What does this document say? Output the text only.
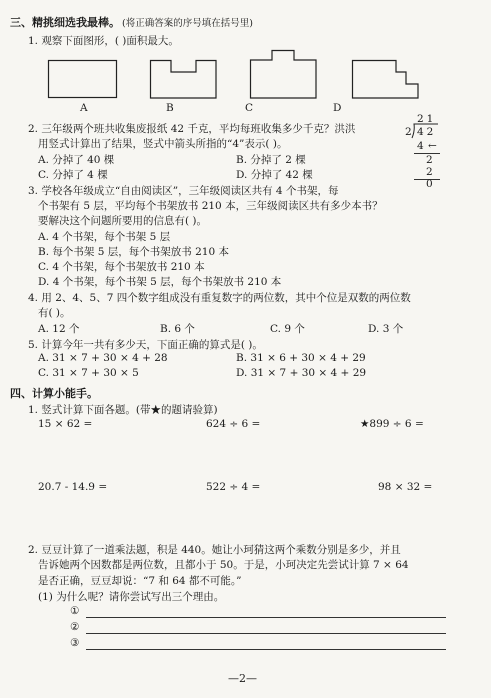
三、精挑细选我最棒。 (将正确答案的序号填在括号里)
1. 观察下面图形，( )面积最大。
A	B	C	D
2. 三年级两个班共收集废报纸 42 千克，平均每班收集多少千克？洪洪
用竖式计算出了结果，竖式中箭头所指的“4”表示( )。
A. 分掉了 40 棵	B. 分掉了 2 棵
C. 分掉了 4 棵	D. 分掉了 42 棵
21
2 42
4 ←
2
2
0
3. 学校各年级成立“自由阅读区”，三年级阅读区共有 4 个书架，每
个书架有 5 层，平均每个书架放书 210 本，三年级阅读区共有多少本书？
要解决这个问题所要用的信息有( )。
A. 4 个书架，每个书架 5 层
B. 每个书架 5 层，每个书架放书 210 本
C. 4 个书架，每个书架放书 210 本
D. 4 个书架，每个书架 5 层，每个书架放书 210 本
4. 用 2、4、5、7 四个数字组成没有重复数字的两位数，其中个位是双数的两位数
有( )。
A. 12 个	B. 6 个	C. 9 个	D. 3 个
5. 计算今年一共有多少天，下面正确的算式是( )。
A. 31 × 7 + 30 × 4 + 28	B. 31 × 6 + 30 × 4 + 29
C. 31 × 7 + 30 × 5	D. 31 × 7 + 30 × 4 + 29
四、计算小能手。
1. 竖式计算下面各题。(带★的题请验算)
15 × 62 =	624 ÷ 6 =	★899 ÷ 6 =
20.7 - 14.9 =	522 ÷ 4 =	98 × 32 =
2. 豆豆计算了一道乘法题，积是 440。她让小珂猜这两个乘数分别是多少，并且
告诉她两个因数都是两位数，且都小于 50。于是，小珂决定先尝试计算 7 × 64
是否正确，豆豆却说：“7 和 64 都不可能。”
(1) 为什么呢？请你尝试写出三个理由。
①
②
③
—2—
